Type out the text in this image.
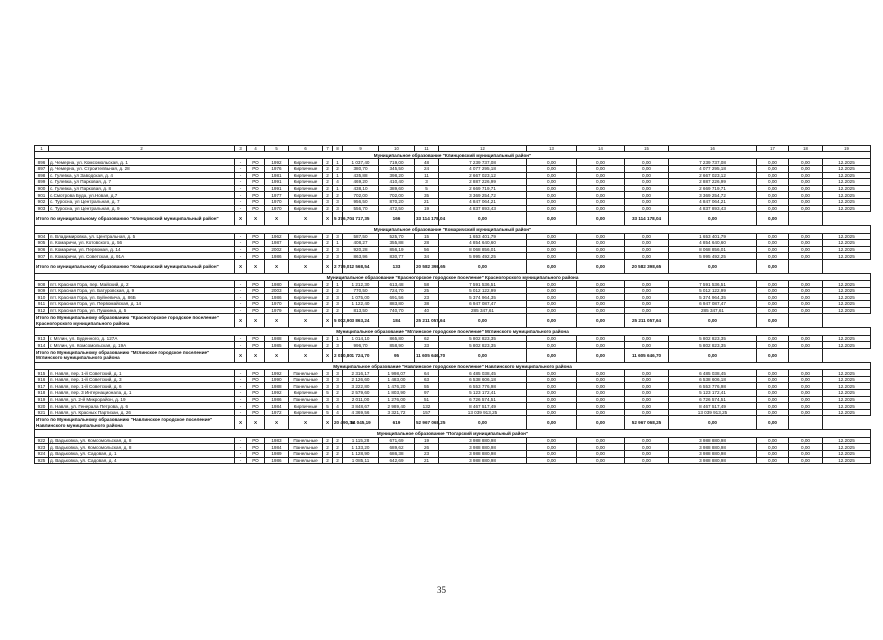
1	2	3	4	5	6	7	8	9	10	11	12	13	14	15	16	17	18	19
Муниципальное образование "Клинцовский муниципальный район"																		
896	д. Чемерна, ул. Комсомольская, д. 1	-	РО	1992	Кирпичные	2	1	1 037,40	719,00	48	7 239 737,08	0,00	0,00	0,00	7 239 737,08	0,00	0,00	12.2025
897	д. Чемерна, ул. Строителвьная, д. 28	-	РО	1976	Кирпичные	2	2	380,70	345,50	24	4 077 295,18	0,00	0,00	0,00	4 077 295,18	0,00	0,00	12.2025
898	с. Гулевка, ул Заводская, д. 4	-	РО	1981	Кирпичные	2	1	435,88	398,20	11	2 667 023,12	0,00	0,00	0,00	2 667 023,12	0,00	0,00	12.2025
899	с. Гулевка, ул Парковая, д. 7	-	РО	1991	Кирпичные	2	4	469,20	410,40	3	2 887 226,99	0,00	0,00	0,00	2 887 226,99	0,00	0,00	12.2025
900	с. Гулевка, ул Парковая, д. 8	-	РО	1991	Кирпичные	2	1	438,10	389,60	5	2 669 719,71	0,00	0,00	0,00	2 669 719,71	0,00	0,00	12.2025
901	с.Смотрова Буда, ул.Новая, д.7	-	РО	1977	Кирпичные	2	2	702,00	702,00	35	3 369 254,72	0,00	0,00	0,00	3 369 254,72	0,00	0,00	12.2025
902	с. Туросна, ул Центральная, д. 7	-	РО	1970	Кирпичные	3	3	956,50	870,20	21	4 847 064,21	0,00	0,00	0,00	4 847 064,21	0,00	0,00	12.2025
903	с. Туросна, ул Центральная, д. 9	-	РО	1970	Кирпичные	2	3	556,70	472,50	19	4 837 893,43	0,00	0,00	0,00	4 837 893,43	0,00	0,00	12.2025
Итого по муниципальному образованию "Клинцовский муниципальный район"		X	X	X	X	X	5 376,70	4 717,35	166	33 114 178,04	0,00	0,00	0,00	33 114 178,04	0,00	0,00		
Муниципальное образование "Комаричский муниципальный район"																		
904	п. Владимировка, ул. Центральная, д. 5	-	РО	1962	Кирпичные	2	3	587,50	525,70	15	1 653 401,79	0,00	0,00	0,00	1 653 401,79	0,00	0,00	12.2025
905	п. Комаричи, ул. Котовского, д. 56	-	РО	1987	Кирпичные	2	1	408,27	355,88	28	4 854 640,60	0,00	0,00	0,00	4 854 640,60	0,00	0,00	12.2025
906	п. Комаричи, ул. Первомая, д. 14	-	РО	2002	Кирпичные	2	3	920,28	856,19	56	8 068 856,01	0,00	0,00	0,00	8 068 856,01	0,00	0,00	12.2025
907	п. Комаричи, ул. Советская, д. 91А	-	РО	1986	Кирпичные	2	3	863,96	830,77	34	5 995 492,25	0,00	0,00	0,00	5 995 492,25	0,00	0,00	12.2025
Итого по муниципальному образованию "Комаричский муниципальный район"		X	X	X	X	X	2 779,01	2 568,54	133	20 582 398,65	0,00	0,00	0,00	20 582 398,65	0,00	0,00		
Муниципальное образование "Красногорское городское поселение" Красногорского муниципального района																		
908	пгт. Красная Гора, пер. Майский, д. 2	-	РО	1980	Кирпичные	2	1	1 212,30	613,48	58	7 591 536,51	0,00	0,00	0,00	7 591 536,51	0,00	0,00	12.2025
909	пгт. Красная Гора, ул. Батуровская, д. 9	-	РО	2003	Кирпичные	2	2	770,50	724,70	25	5 012 122,99	0,00	0,00	0,00	5 012 122,99	0,00	0,00	12.2025
910	пгт. Красная Гора, ул. Буйневича, д. 86Б	-	РО	1986	Кирпичные	2	3	1 075,00	691,56	23	5 374 964,35	0,00	0,00	0,00	5 374 964,35	0,00	0,00	12.2025
911	пгт. Красная Гора, ул. Первомайская, д. 14	-	РО	1970	Кирпичные	2	3	1 122,40	883,80	38	6 947 087,47	0,00	0,00	0,00	6 947 087,47	0,00	0,00	12.2025
912	пгт. Красная Гора, ул. Пушкина, д. 5	-	РО	1979	Кирпичные	2	2	813,50	740,70	40	285 347,61	0,00	0,00	0,00	285 347,61	0,00	0,00	12.2025
Итого по Муниципальному образованию "Красногорское городское поселение" Красногорского муниципального района		X	X	X	X	X	5 002,90	3 863,24	184	25 211 057,64	0,00	0,00	0,00	25 211 057,64	0,00	0,00		
Муниципальное образование "Мглинское городское поселение" Мглинского муниципального района																		
913	г. Мглин, ул. Буденного, д. 127А	-	РО	1988	Кирпичные	2	1	1 014,10	865,80	62	5 802 823,35	0,00	0,00	0,00	5 802 823,35	0,00	0,00	12.2025
914	г. Мглин, ул. Комсомольская, д. 19А	-	РО	1985	Кирпичные	2	3	996,70	858,90	33	5 802 823,35	0,00	0,00	0,00	5 802 823,35	0,00	0,00	12.2025
Итого по Муниципальному образованию "Мглинское городское поселение" Мглинского муниципального района		X	X	X	X	X	2 010,80	1 724,70	95	11 605 646,70	0,00	0,00	0,00	11 605 646,70	0,00	0,00		
Муниципальное образование "Навлинское городское поселение" Навлинского муниципального района																		
915	п. Навля, пер. 1-й Советский, д. 1	-	РО	1992	Панельные	3	3	2 316,17	1 998,07	64	6 485 038,45	0,00	0,00	0,00	6 485 038,45	0,00	0,00	12.2025
916	п. Навля, пер. 1-й Советский, д. 3	-	РО	1990	Панельные	3	3	2 126,60	1 483,00	63	6 538 606,18	0,00	0,00	0,00	6 538 606,18	0,00	0,00	12.2025
917	п. Навля, пер. 1-й Советский, д. 6	-	РО	1988	Панельные	3	3	3 222,80	1 476,20	55	6 553 776,98	0,00	0,00	0,00	6 553 776,98	0,00	0,00	12.2025
918	п. Навля, пер. 3 Интернационала, д. 1	-	РО	1992	Кирпичные	5	2	2 579,60	1 803,90	97	5 123 172,41	0,00	0,00	0,00	5 123 172,41	0,00	0,00	12.2025
919	п. Навля, ул. 2-й Микрорайон, д. 19	-	РО	1986	Панельные	3	3	2 011,00	1 276,00	51	6 726 574,51	0,00	0,00	0,00	6 726 574,51	0,00	0,00	12.2025
920	п. Навля, ул. Генерала Петрова, д. 6	-	РО	1984	Кирпичные	5	4	3 848,67	2 989,40	132	8 467 517,49	0,00	0,00	0,00	8 467 517,49	0,00	0,00	12.2025
921	п. Навля, ул. Красных Партизан, д. 26	-	РО	1972	Кирпичные	5	4	4 369,56	3 321,72	157	13 039 913,25	0,00	0,00	0,00	13 039 913,25	0,00	0,00	12.2025
Итого по Муниципальному образованию "Навлинское городское поселение" Навлинского муниципального района		X	X	X	X	X	20 490,36	14 045,19	619	52 967 068,25	0,00	0,00	0,00	52 967 068,25	0,00	0,00		
Муниципальное образование "Погарский муниципальный район"																		
922	д. Вадьковка, ул. Комсомольская, д. 8	-	РО	1983	Панельные	2	2	1 115,28	671,69	19	3 988 880,98	0,00	0,00	0,00	3 988 880,98	0,00	0,00	12.2025
923	д. Вадьковка, ул. Комсомольская, д. 8	-	РО	1984	Панельные	2	2	1 133,20	689,62	26	3 988 880,98	0,00	0,00	0,00	3 988 880,98	0,00	0,00	12.2025
924	д. Вадьковка, ул. Садовая, д. 1	-	РО	1989	Панельные	2	2	1 128,90	686,38	23	3 988 880,98	0,00	0,00	0,00	3 988 880,98	0,00	0,00	12.2025
925	д. Вадьковка, ул. Садовая, д. 4	-	РО	1986	Панельные	2	2	1 085,11	642,69	21	3 988 880,98	0,00	0,00	0,00	3 988 880,98	0,00	0,00	12.2025
35
